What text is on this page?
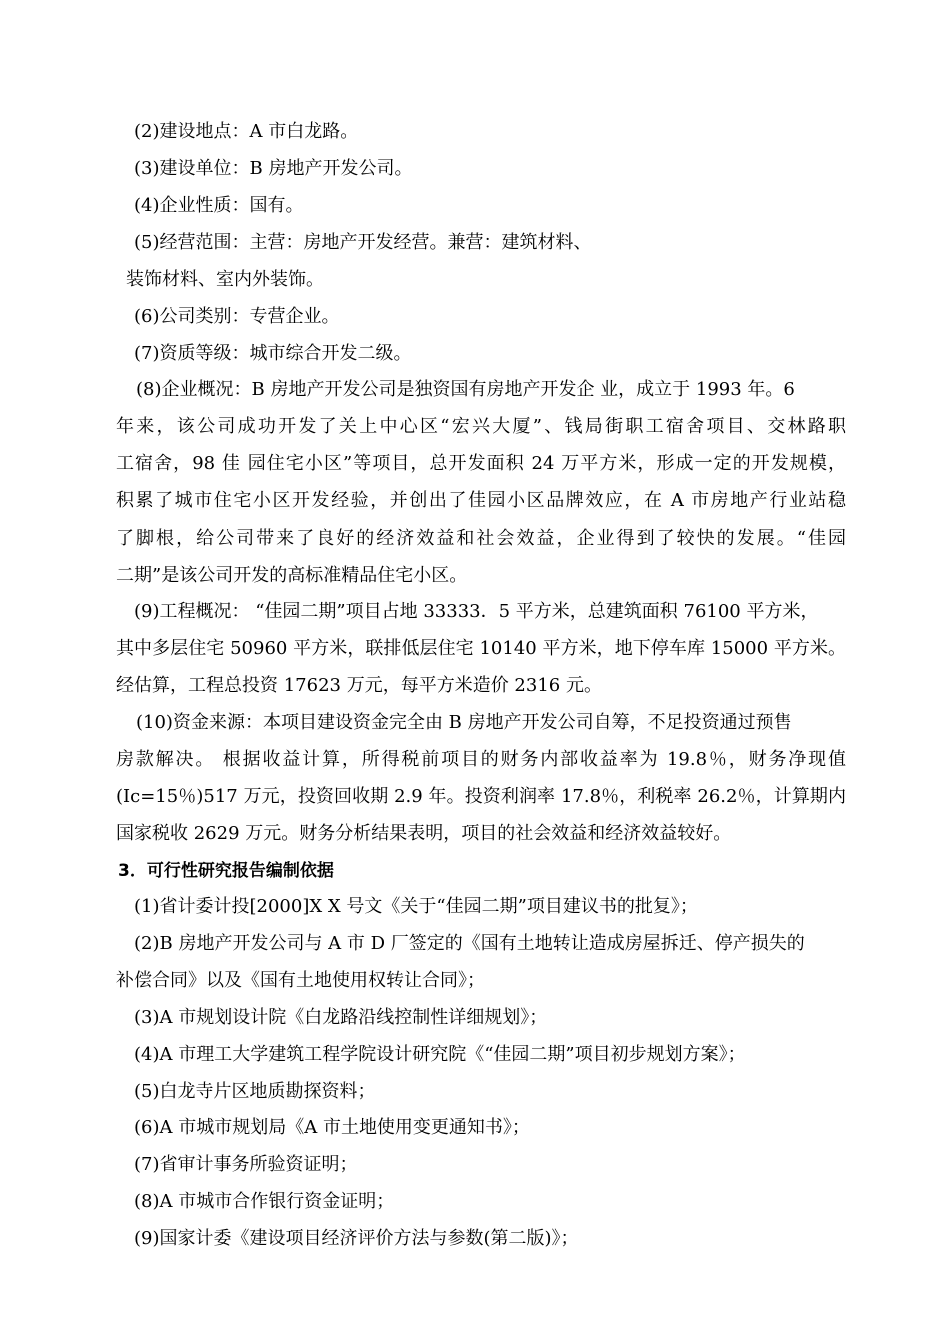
(2)建设地点：A 市白龙路。
(3)建设单位：B 房地产开发公司。
(4)企业性质：国有。
(5)经营范围：主营：房地产开发经营。兼营：建筑材料、
装饰材料、室内外装饰。
(6)公司类别：专营企业。
(7)资质等级：城市综合开发二级。
(8)企业概况：B 房地产开发公司是独资国有房地产开发企 业，成立于 1993 年。6
年来，该公司成功开发了关上中心区“宏兴大厦”、钱局街职工宿舍项目、交林路职
工宿舍，98 佳 园住宅小区”等项目，总开发面积 24 万平方米，形成一定的开发规模，
积累了城市住宅小区开发经验，并创出了佳园小区品牌效应，在 A 市房地产行业站稳
了脚根，给公司带来了良好的经济效益和社会效益，企业得到了较快的发展。“佳园
二期”是该公司开发的高标准精品住宅小区。
(9)工程概况： “佳园二期”项目占地 33333．5 平方米，总建筑面积 76100 平方米，
其中多层住宅 50960 平方米，联排低层住宅 10140 平方米，地下停车库 15000 平方米。
经估算，工程总投资 17623 万元，每平方米造价 2316 元。
(10)资金来源：本项目建设资金完全由 B 房地产开发公司自筹，不足投资通过预售
房款解决。 根据收益计算，所得税前项目的财务内部收益率为 19.8％，财务净现值
(Ic=15％)517 万元，投资回收期 2.9 年。投资利润率 17.8％，利税率 26.2％，计算期内
国家税收 2629 万元。财务分析结果表明，项目的社会效益和经济效益较好。
3．可行性研究报告编制依据
(1)省计委计投[2000]X X 号文《关于“佳园二期”项目建议书的批复》；
(2)B 房地产开发公司与 A 市 D 厂签定的《国有土地转让造成房屋拆迁、停产损失的
补偿合同》以及《国有土地使用权转让合同》；
(3)A 市规划设计院《白龙路沿线控制性详细规划》；
(4)A 市理工大学建筑工程学院设计研究院《“佳园二期”项目初步规划方案》；
(5)白龙寺片区地质勘探资料；
(6)A 市城市规划局《A 市土地使用变更通知书》；
(7)省审计事务所验资证明；
(8)A 市城市合作银行资金证明；
(9)国家计委《建设项目经济评价方法与参数(第二版)》；
